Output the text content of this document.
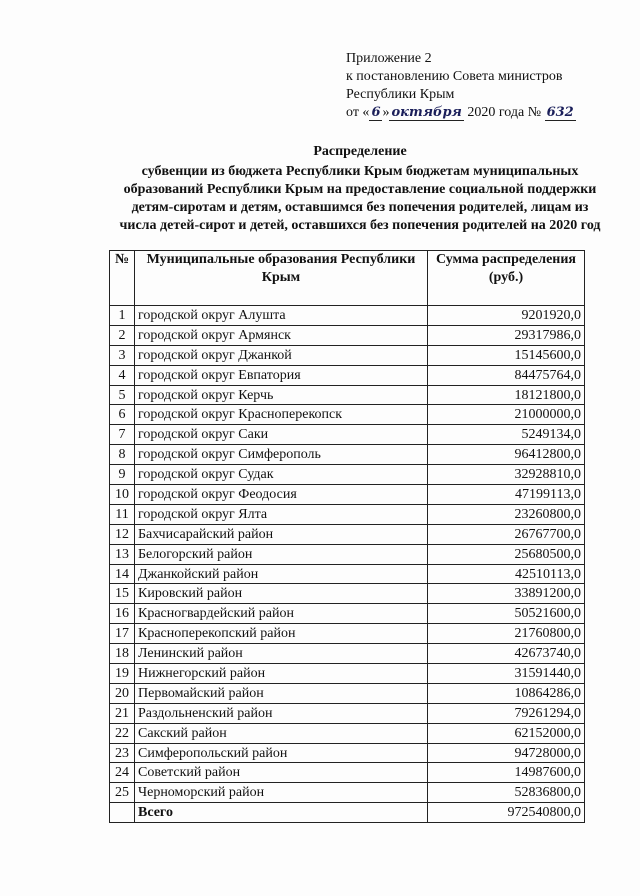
Приложение 2
к постановлению Совета министров
Республики Крым
от « 6 » октября 2020 года № 632
Распределение
субвенции из бюджета Республики Крым бюджетам муниципальных
образований Республики Крым на предоставление социальной поддержки
детям-сиротам и детям, оставшимся без попечения родителей, лицам из
числа детей-сирот и детей, оставшихся без попечения родителей на 2020 год
№	Муниципальные образования Республики Крым	Сумма распределения (руб.)
1	городской округ Алушта	9201920,0
2	городской округ Армянск	29317986,0
3	городской округ Джанкой	15145600,0
4	городской округ Евпатория	84475764,0
5	городской округ Керчь	18121800,0
6	городской округ Красноперекопск	21000000,0
7	городской округ Саки	5249134,0
8	городской округ Симферополь	96412800,0
9	городской округ Судак	32928810,0
10	городской округ Феодосия	47199113,0
11	городской округ Ялта	23260800,0
12	Бахчисарайский район	26767700,0
13	Белогорский район	25680500,0
14	Джанкойский район	42510113,0
15	Кировский район	33891200,0
16	Красногвардейский район	50521600,0
17	Красноперекопский район	21760800,0
18	Ленинский район	42673740,0
19	Нижнегорский район	31591440,0
20	Первомайский район	10864286,0
21	Раздольненский район	79261294,0
22	Сакский район	62152000,0
23	Симферопольский район	94728000,0
24	Советский район	14987600,0
25	Черноморский район	52836800,0
	Всего	972540800,0
